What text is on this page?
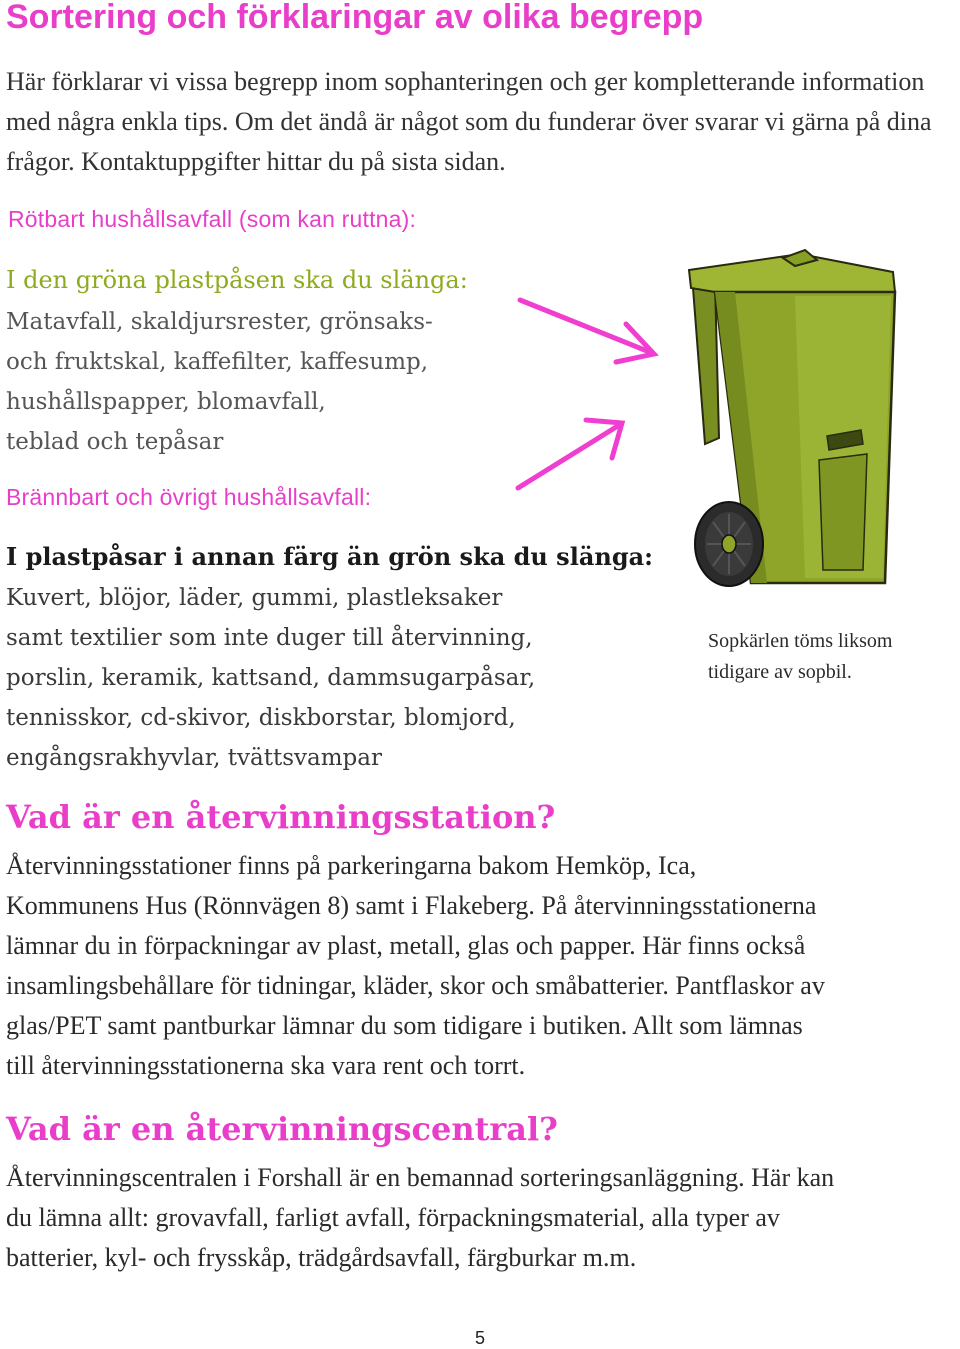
Sortering och förklaringar av olika begrepp

Här förklarar vi vissa begrepp inom sophanteringen och ger kompletterande information med några enkla tips. Om det ändå är något som du funderar över svarar vi gärna på dina frågor. Kontaktuppgifter hittar du på sista sidan.

Rötbart hushållsavfall (som kan ruttna):
I den gröna plastpåsen ska du slänga:
Matavfall, skaldjursrester, grönsaks-
och fruktskal, kaffefilter, kaffesump,
hushållspapper, blomavfall,
teblad och tepåsar
Brännbart och övrigt hushållsavfall:
I plastpåsar i annan färg än grön ska du slänga:
Kuvert, blöjor, läder, gummi, plastleksaker
samt textilier som inte duger till återvinning,
porslin, keramik, kattsand, dammsugarpåsar,
tennisskor, cd-skivor, diskborstar, blomjord,
engångsrakhyvlar, tvättsvampar
Sopkärlen töms liksom
tidigare av sopbil.
Vad är en återvinningsstation?
Återvinningsstationer finns på parkeringarna bakom Hemköp, Ica,
Kommunens Hus (Rönnvägen 8) samt i Flakeberg. På återvinningsstationerna
lämnar du in förpackningar av plast, metall, glas och papper. Här finns också
insamlingsbehållare för tidningar, kläder, skor och småbatterier. Pantflaskor av
glas/PET samt pantburkar lämnar du som tidigare i butiken. Allt som lämnas
till återvinningsstationerna ska vara rent och torrt.
Vad är en återvinningscentral?
Återvinningscentralen i Forshall är en bemannad sorteringsanläggning. Här kan
du lämna allt: grovavfall, farligt avfall, förpackningsmaterial, alla typer av
batterier, kyl- och frysskåp, trädgårdsavfall, färgburkar m.m.
5
